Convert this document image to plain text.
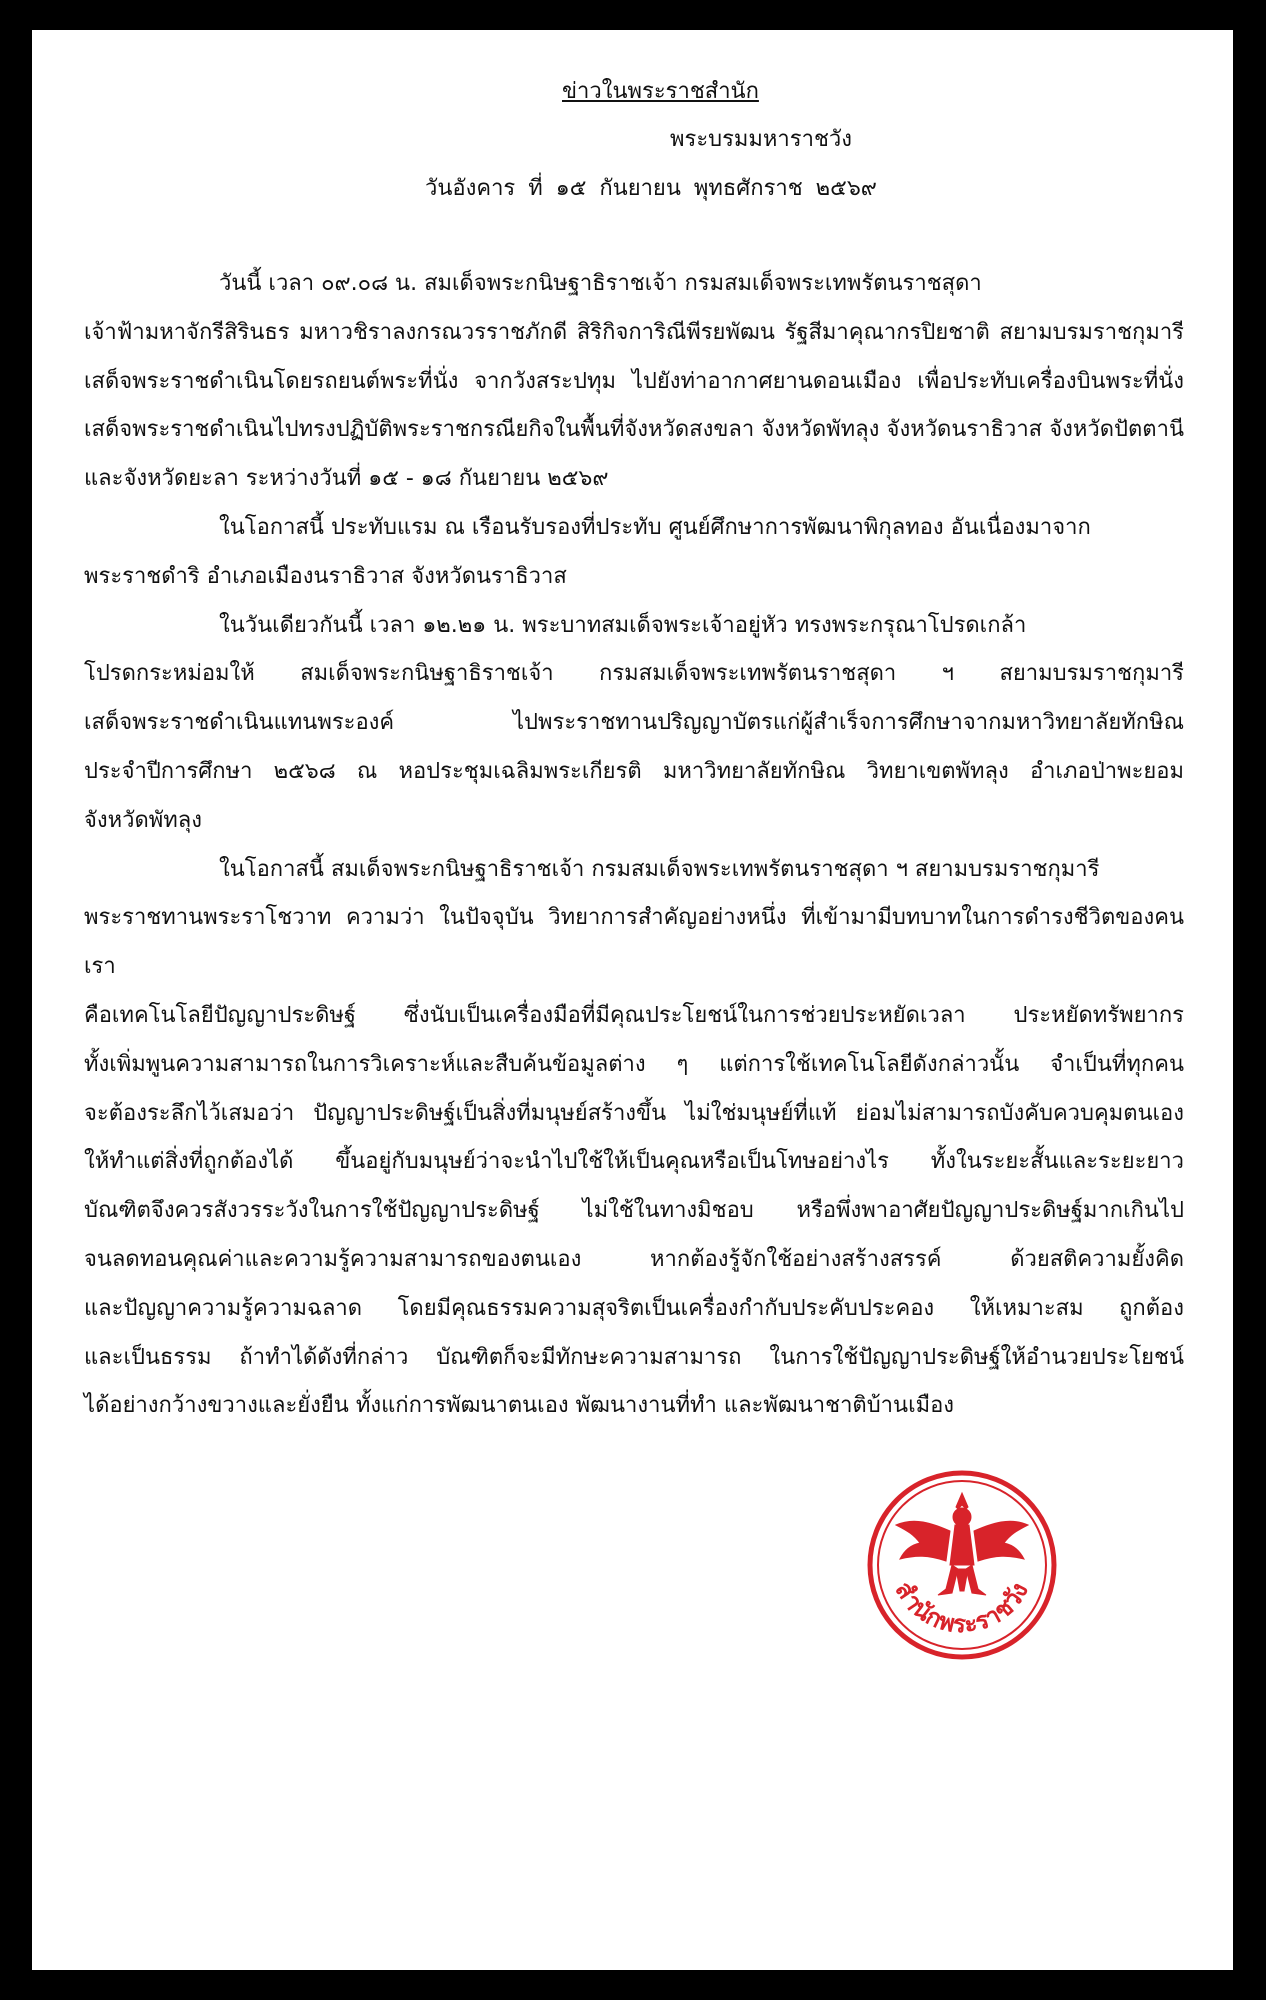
ข่าวในพระราชสำนัก
พระบรมมหาราชวัง
วันอังคาร ที่ ๑๕ กันยายน พุทธศักราช ๒๕๖๙

วันนี้ เวลา ๐๙.๐๘ น. สมเด็จพระกนิษฐาธิราชเจ้า กรมสมเด็จพระเทพรัตนราชสุดา
เจ้าฟ้ามหาจักรีสิรินธร มหาวชิราลงกรณวรราชภักดี สิริกิจการิณีพีรยพัฒน รัฐสีมาคุณากรปิยชาติ สยามบรมราชกุมารี
เสด็จพระราชดำเนินโดยรถยนต์พระที่นั่ง จากวังสระปทุม ไปยังท่าอากาศยานดอนเมือง เพื่อประทับเครื่องบินพระที่นั่ง
เสด็จพระราชดำเนินไปทรงปฏิบัติพระราชกรณียกิจในพื้นที่จังหวัดสงขลา จังหวัดพัทลุง จังหวัดนราธิวาส จังหวัดปัตตานี
และจังหวัดยะลา ระหว่างวันที่ ๑๕ - ๑๘ กันยายน ๒๕๖๙

ในโอกาสนี้ ประทับแรม ณ เรือนรับรองที่ประทับ ศูนย์ศึกษาการพัฒนาพิกุลทอง อันเนื่องมาจาก
พระราชดำริ อำเภอเมืองนราธิวาส จังหวัดนราธิวาส

ในวันเดียวกันนี้ เวลา ๑๒.๒๑ น. พระบาทสมเด็จพระเจ้าอยู่หัว ทรงพระกรุณาโปรดเกล้า
โปรดกระหม่อมให้ สมเด็จพระกนิษฐาธิราชเจ้า กรมสมเด็จพระเทพรัตนราชสุดา ฯ สยามบรมราชกุมารี
เสด็จพระราชดำเนินแทนพระองค์ ไปพระราชทานปริญญาบัตรแก่ผู้สำเร็จการศึกษาจากมหาวิทยาลัยทักษิณ
ประจำปีการศึกษา ๒๕๖๘ ณ หอประชุมเฉลิมพระเกียรติ มหาวิทยาลัยทักษิณ วิทยาเขตพัทลุง อำเภอป่าพะยอม
จังหวัดพัทลุง

ในโอกาสนี้ สมเด็จพระกนิษฐาธิราชเจ้า กรมสมเด็จพระเทพรัตนราชสุดา ฯ สยามบรมราชกุมารี
พระราชทานพระราโชวาท ความว่า ในปัจจุบัน วิทยาการสำคัญอย่างหนึ่ง ที่เข้ามามีบทบาทในการดำรงชีวิตของคนเรา
คือเทคโนโลยีปัญญาประดิษฐ์ ซึ่งนับเป็นเครื่องมือที่มีคุณประโยชน์ในการช่วยประหยัดเวลา ประหยัดทรัพยากร
ทั้งเพิ่มพูนความสามารถในการวิเคราะห์และสืบค้นข้อมูลต่าง ๆ แต่การใช้เทคโนโลยีดังกล่าวนั้น จำเป็นที่ทุกคน
จะต้องระลึกไว้เสมอว่า ปัญญาประดิษฐ์เป็นสิ่งที่มนุษย์สร้างขึ้น ไม่ใช่มนุษย์ที่แท้ ย่อมไม่สามารถบังคับควบคุมตนเอง
ให้ทำแต่สิ่งที่ถูกต้องได้ ขึ้นอยู่กับมนุษย์ว่าจะนำไปใช้ให้เป็นคุณหรือเป็นโทษอย่างไร ทั้งในระยะสั้นและระยะยาว
บัณฑิตจึงควรสังวรระวังในการใช้ปัญญาประดิษฐ์ ไม่ใช้ในทางมิชอบ หรือพึ่งพาอาศัยปัญญาประดิษฐ์มากเกินไป
จนลดทอนคุณค่าและความรู้ความสามารถของตนเอง หากต้องรู้จักใช้อย่างสร้างสรรค์ ด้วยสติความยั้งคิด
และปัญญาความรู้ความฉลาด โดยมีคุณธรรมความสุจริตเป็นเครื่องกำกับประคับประคอง ให้เหมาะสม ถูกต้อง
และเป็นธรรม ถ้าทำได้ดังที่กล่าว บัณฑิตก็จะมีทักษะความสามารถ ในการใช้ปัญญาประดิษฐ์ให้อำนวยประโยชน์
ได้อย่างกว้างขวางและยั่งยืน ทั้งแก่การพัฒนาตนเอง พัฒนางานที่ทำ และพัฒนาชาติบ้านเมือง

สำนักพระราชวัง
